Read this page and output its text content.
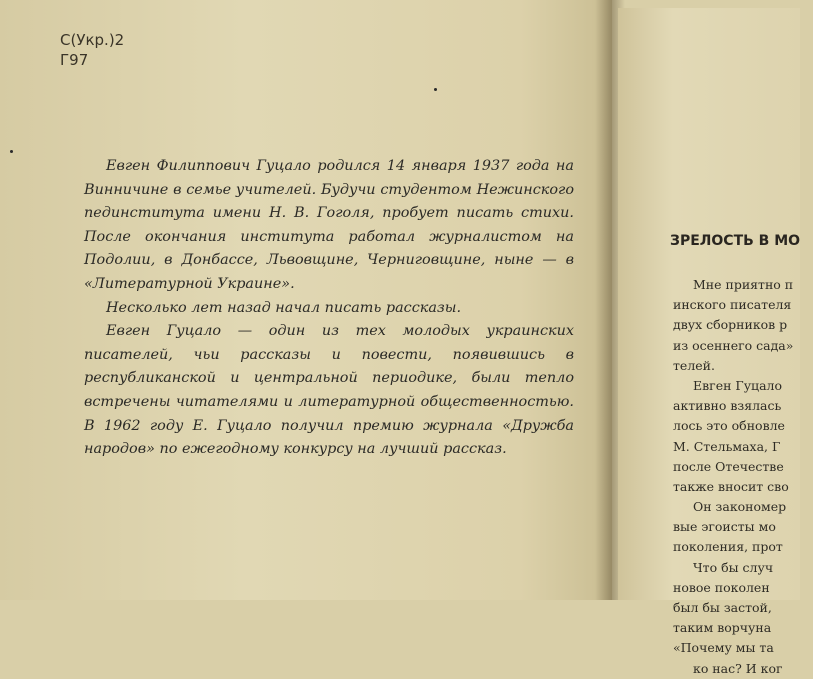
С(Укр.)2
Г97

Евген Филиппович Гуцало родился 14 января 1937 года на Винничине в семье учителей. Будучи студентом Нежинского пединститута имени Н. В. Гоголя, пробует писать стихи. После окончания института работал журналистом на Подолии, в Донбассе, Львовщине, Черниговщине, ныне — в «Литературной Украине».

Несколько лет назад начал писать рассказы.

Евген Гуцало — один из тех молодых украинских писателей, чьи рассказы и повести, появившись в республиканской и центральной периодике, были тепло встречены читателями и литературной общественностью. В 1962 году Е. Гуцало получил премию журнала «Дружба народов» по ежегодному конкурсу на лучший рассказ.

ЗРЕЛОСТЬ В МО
Мне приятно п
инского писателя
двух сборников р
из осеннего сада»
телей.
Евген Гуцало
активно взялась
лось это обновле
М. Стельмаха, Г
после Отечестве
также вносит сво
Он закономер
вые эгоисты мо
поколения, прот
Что бы случ
новое поколен
был бы застой,
таким ворчуна
«Почему мы та
ко нас? И ког
